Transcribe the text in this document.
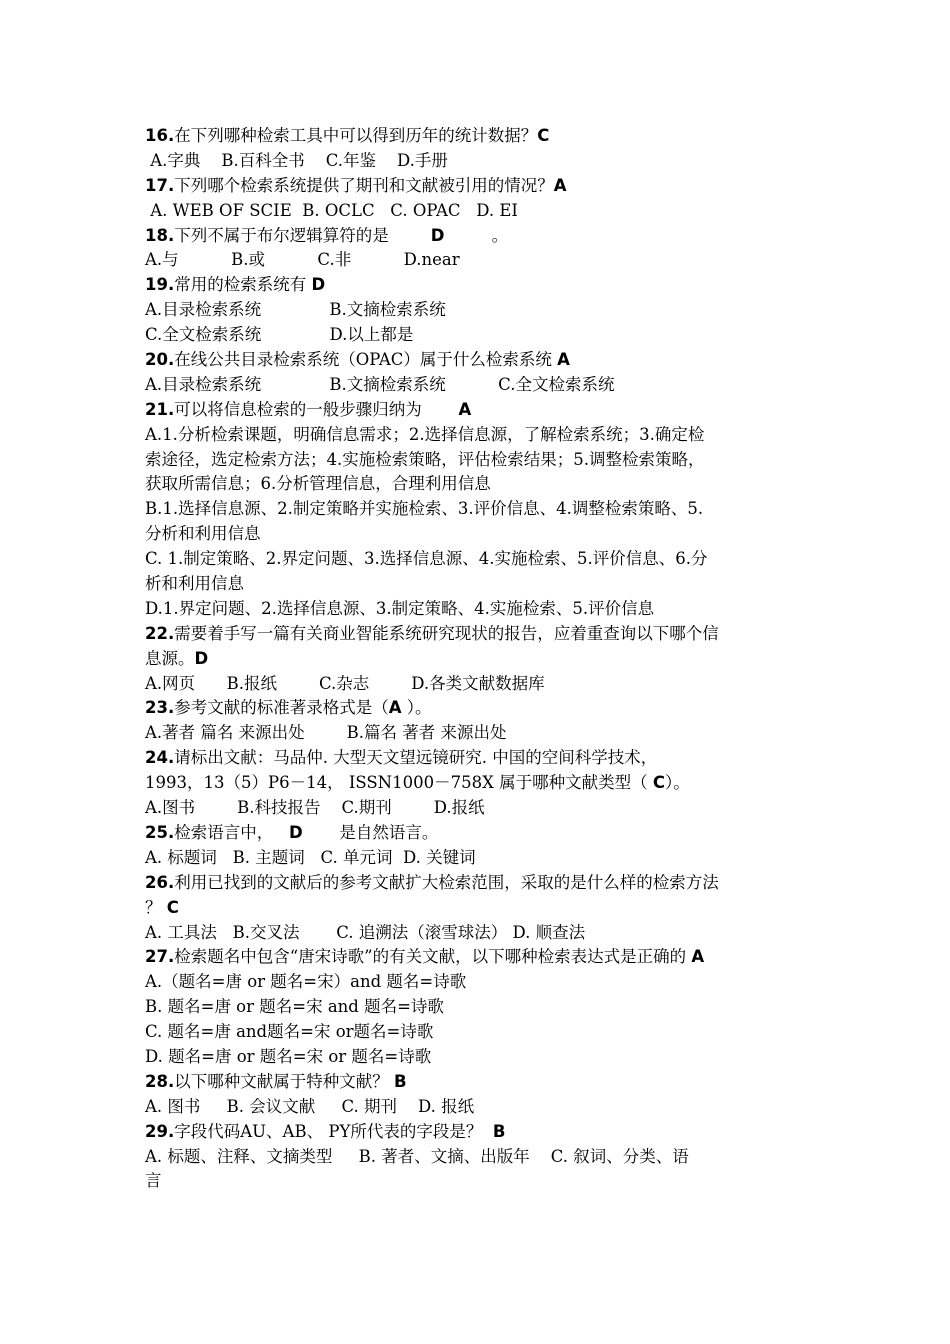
16.在下列哪种检索工具中可以得到历年的统计数据？C
A.字典    B.百科全书    C.年鉴    D.手册
17.下列哪个检索系统提供了期刊和文献被引用的情况？A
A. WEB OF SCIE  B. OCLC   C. OPAC   D. EI
18.下列不属于布尔逻辑算符的是        D         。
A.与          B.或          C.非          D.near
19.常用的检索系统有 D
A.目录检索系统             B.文摘检索系统
C.全文检索系统             D.以上都是
20.在线公共目录检索系统（OPAC）属于什么检索系统 A
A.目录检索系统             B.文摘检索系统          C.全文检索系统
21.可以将信息检索的一般步骤归纳为       A
A.1.分析检索课题，明确信息需求；2.选择信息源，了解检索系统；3.确定检
索途径，选定检索方法；4.实施检索策略，评估检索结果；5.调整检索策略，
获取所需信息；6.分析管理信息，合理利用信息
B.1.选择信息源、2.制定策略并实施检索、3.评价信息、4.调整检索策略、5.
分析和利用信息
C. 1.制定策略、2.界定问题、3.选择信息源、4.实施检索、5.评价信息、6.分
析和利用信息
D.1.界定问题、2.选择信息源、3.制定策略、4.实施检索、5.评价信息
22.需要着手写一篇有关商业智能系统研究现状的报告，应着重查询以下哪个信
息源。D
A.网页      B.报纸        C.杂志        D.各类文献数据库
23.参考文献的标准著录格式是（A ）。
A.著者 篇名 来源出处        B.篇名 著者 来源出处
24.请标出文献：马品仲. 大型天文望远镜研究. 中国的空间科学技术，
1993，13（5）P6－14， ISSN1000－758X 属于哪种文献类型（ C）。
A.图书        B.科技报告    C.期刊        D.报纸
25.检索语言中，   D       是自然语言。
A. 标题词   B. 主题词   C. 单元词  D. 关键词
26.利用已找到的文献后的参考文献扩大检索范围，采取的是什么样的检索方法
？ C
A. 工具法   B.交叉法       C. 追溯法（滚雪球法） D. 顺查法
27.检索题名中包含“唐宋诗歌”的有关文献，以下哪种检索表达式是正确的 A
A.（题名=唐 or 题名=宋）and 题名=诗歌
B. 题名=唐 or 题名=宋 and 题名=诗歌
C. 题名=唐 and题名=宋 or题名=诗歌
D. 题名=唐 or 题名=宋 or 题名=诗歌
28.以下哪种文献属于特种文献？ B
A. 图书     B. 会议文献     C. 期刊    D. 报纸
29.字段代码AU、AB、 PY所代表的字段是？  B
A. 标题、注释、文摘类型     B. 著者、文摘、出版年    C. 叙词、分类、语
言
